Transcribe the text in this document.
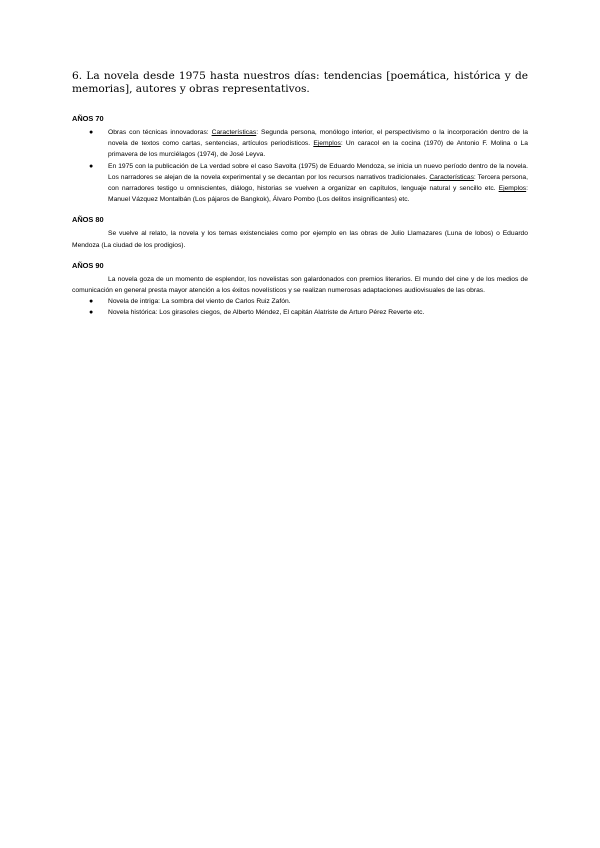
6. La novela desde 1975 hasta nuestros días: tendencias [poemática, histórica y de memorias], autores y obras representativos.

AÑOS 70
● Obras con técnicas innovadoras: Características: Segunda persona, monólogo interior, el perspectivismo o la incorporación dentro de la novela de textos como cartas, sentencias, artículos periodísticos. Ejemplos: Un caracol en la cocina (1970) de Antonio F. Molina o La primavera de los murciélagos (1974), de José Leyva.
● En 1975 con la publicación de La verdad sobre el caso Savolta (1975) de Eduardo Mendoza, se inicia un nuevo período dentro de la novela. Los narradores se alejan de la novela experimental y se decantan por los recursos narrativos tradicionales. Características: Tercera persona, con narradores testigo u omniscientes, diálogo, historias se vuelven a organizar en capítulos, lenguaje natural y sencillo etc. Ejemplos: Manuel Vázquez Montalbán (Los pájaros de Bangkok), Álvaro Pombo (Los delitos insignificantes) etc.
AÑOS 80

Se vuelve al relato, la novela y los temas existenciales como por ejemplo en las obras de Julio Llamazares (Luna de lobos) o Eduardo Mendoza (La ciudad de los prodigios).

AÑOS 90

La novela goza de un momento de esplendor, los novelistas son galardonados con premios literarios. El mundo del cine y de los medios de comunicación en general presta mayor atención a los éxitos novelísticos y se realizan numerosas adaptaciones audiovisuales de las obras.

● Novela de intriga: La sombra del viento de Carlos Ruiz Zafón.
● Novela histórica: Los girasoles ciegos, de Alberto Méndez, El capitán Alatriste de Arturo Pérez Reverte etc.
